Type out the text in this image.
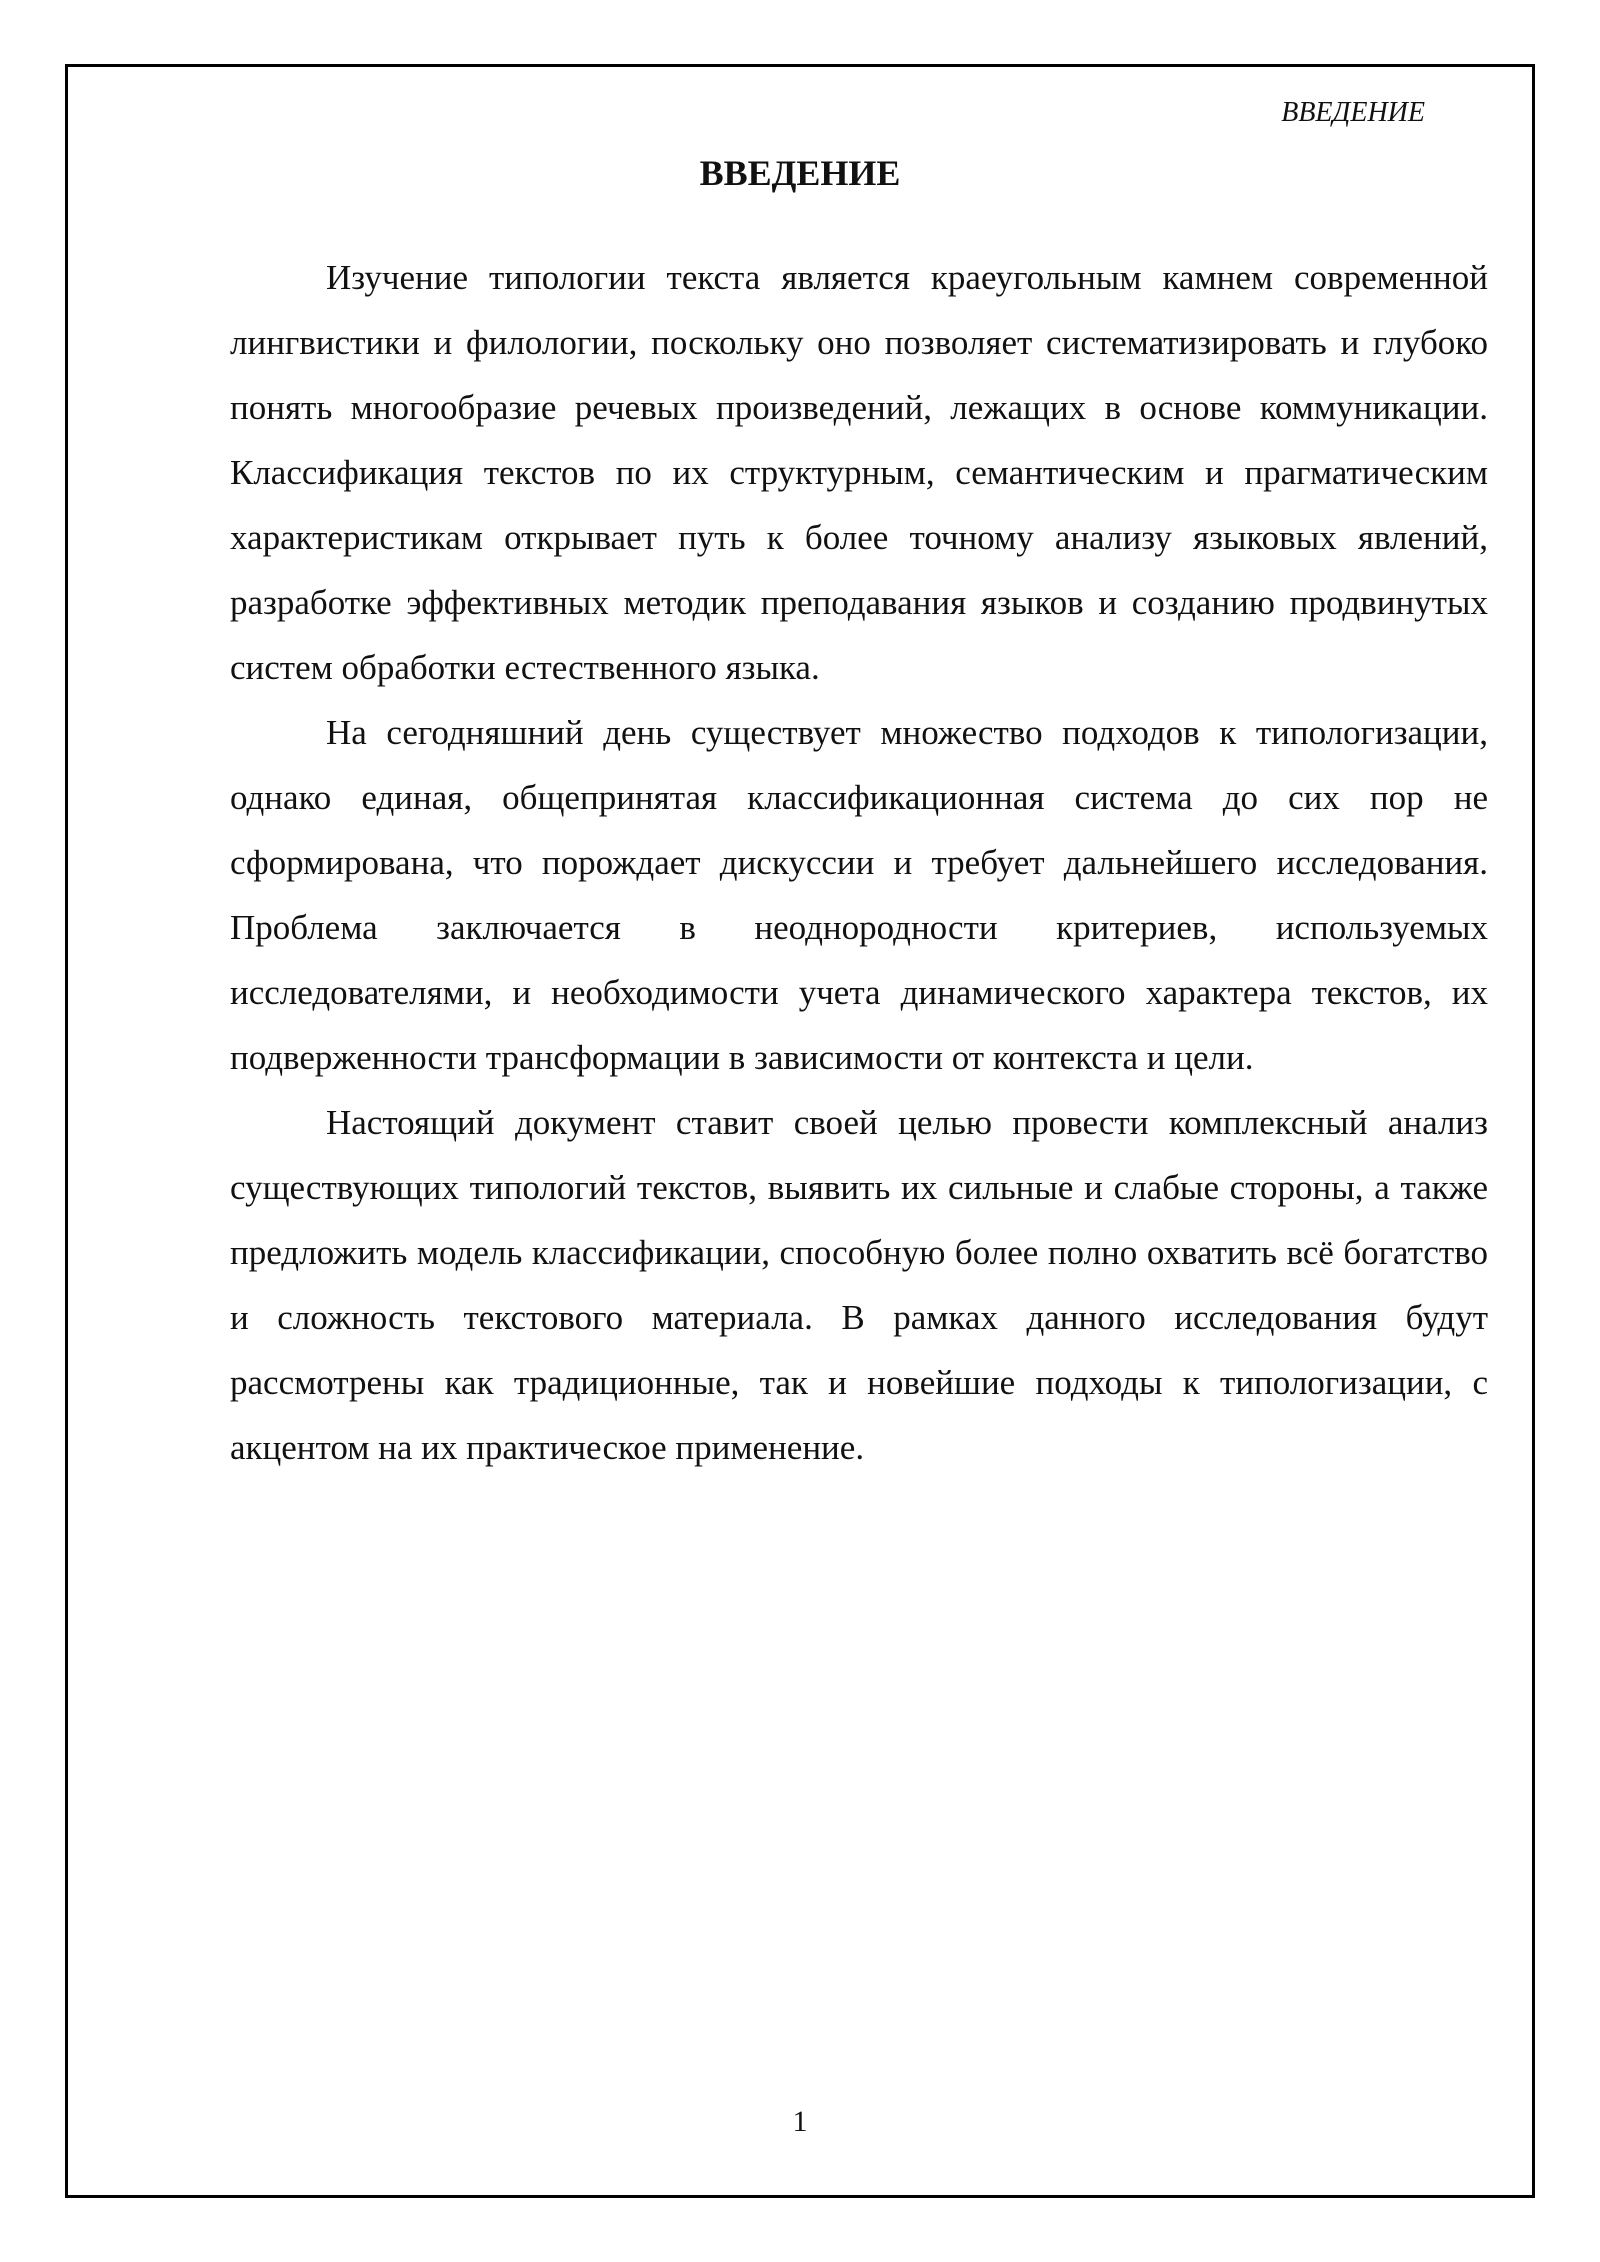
ВВЕДЕНИЕ
ВВЕДЕНИЕ

Изучение типологии текста является краеугольным камнем современной лингвистики и филологии, поскольку оно позволяет систематизировать и глубоко понять многообразие речевых произведений, лежащих в основе коммуникации. Классификация текстов по их структурным, семантическим и прагматическим характеристикам открывает путь к более точному анализу языковых явлений, разработке эффективных методик преподавания языков и созданию продвинутых систем обработки естественного языка.

На сегодняшний день существует множество подходов к типологизации, однако единая, общепринятая классификационная система до сих пор не сформирована, что порождает дискуссии и требует дальнейшего исследования. Проблема заключается в неоднородности критериев, используемых исследователями, и необходимости учета динамического характера текстов, их подверженности трансформации в зависимости от контекста и цели.

Настоящий документ ставит своей целью провести комплексный анализ существующих типологий текстов, выявить их сильные и слабые стороны, а также предложить модель классификации, способную более полно охватить всё богатство и сложность текстового материала. В рамках данного исследования будут рассмотрены как традиционные, так и новейшие подходы к типологизации, с акцентом на их практическое применение.

1
